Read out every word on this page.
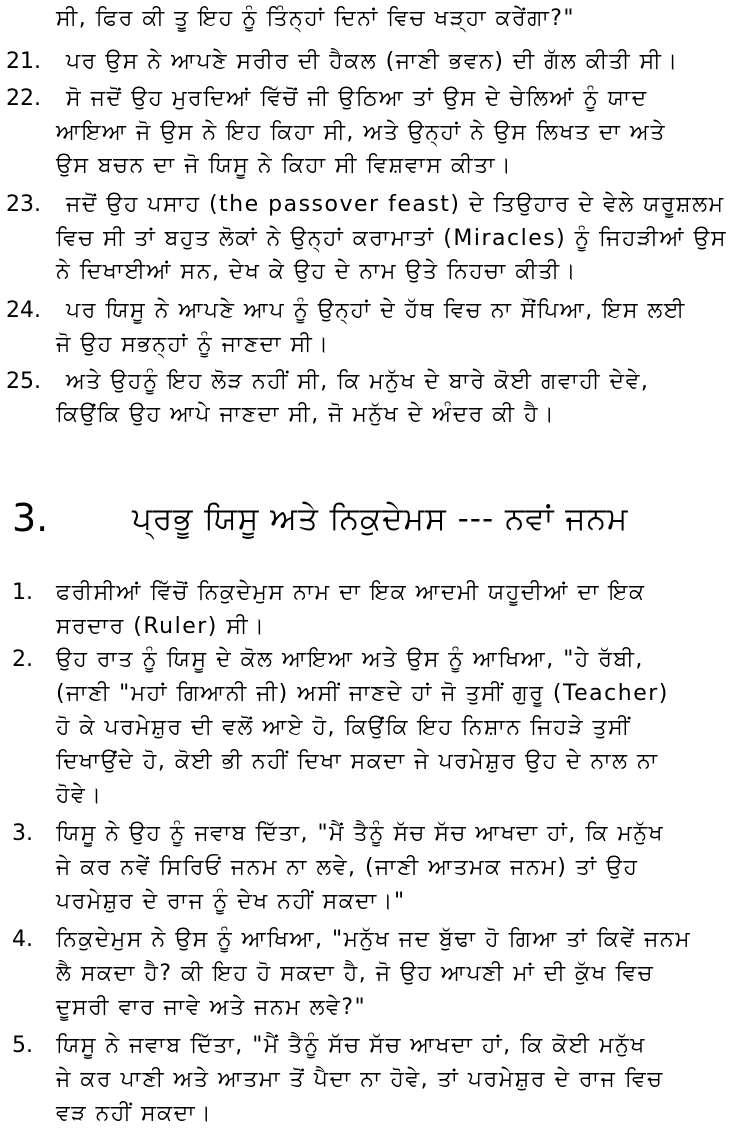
ਸੀ, ਫਿਰ ਕੀ ਤੂ ਇਹ ਨੂੰ ਤਿੰਨ੍ਹਾਂ ਦਿਨਾਂ ਵਿਚ ਖੜ੍ਹਾ ਕਰੇਂਗਾ?"
21. ਪਰ ਉਸ ਨੇ ਆਪਣੇ ਸਰੀਰ ਦੀ ਹੈਕਲ (ਜਾਣੀ ਭਵਨ) ਦੀ ਗੱਲ ਕੀਤੀ ਸੀ।
22. ਸੋ ਜਦੋਂ ਉਹ ਮੁਰਦਿਆਂ ਵਿੱਚੋਂ ਜੀ ਉਠਿਆ ਤਾਂ ਉਸ ਦੇ ਚੇਲਿਆਂ ਨੂੰ ਯਾਦ
ਆਇਆ ਜੋ ਉਸ ਨੇ ਇਹ ਕਿਹਾ ਸੀ, ਅਤੇ ਉਨ੍ਹਾਂ ਨੇ ਉਸ ਲਿਖਤ ਦਾ ਅਤੇ
ਉਸ ਬਚਨ ਦਾ ਜੋ ਯਿਸੂ ਨੇ ਕਿਹਾ ਸੀ ਵਿਸ਼ਵਾਸ ਕੀਤਾ।
23. ਜਦੋਂ ਉਹ ਪਸਾਹ (the passover feast) ਦੇ ਤਿਉਹਾਰ ਦੇ ਵੇਲੇ ਯਰੂਸ਼ਲਮ
ਵਿਚ ਸੀ ਤਾਂ ਬਹੁਤ ਲੋਕਾਂ ਨੇ ਉਨ੍ਹਾਂ ਕਰਾਮਾਤਾਂ (Miracles) ਨੂੰ ਜਿਹੜੀਆਂ ਉਸ
ਨੇ ਦਿਖਾਈਆਂ ਸਨ, ਦੇਖ ਕੇ ਉਹ ਦੇ ਨਾਮ ਉਤੇ ਨਿਹਚਾ ਕੀਤੀ।
24. ਪਰ ਯਿਸੂ ਨੇ ਆਪਣੇ ਆਪ ਨੂੰ ਉਨ੍ਹਾਂ ਦੇ ਹੱਥ ਵਿਚ ਨਾ ਸੌਂਪਿਆ, ਇਸ ਲਈ
ਜੋ ਉਹ ਸਭਨ੍ਹਾਂ ਨੂੰ ਜਾਣਦਾ ਸੀ।
25. ਅਤੇ ਉਹਨੂੰ ਇਹ ਲੋੜ ਨਹੀਂ ਸੀ, ਕਿ ਮਨੁੱਖ ਦੇ ਬਾਰੇ ਕੋਈ ਗਵਾਹੀ ਦੇਵੇ,
ਕਿਉਂਕਿ ਉਹ ਆਪੇ ਜਾਣਦਾ ਸੀ, ਜੋ ਮਨੁੱਖ ਦੇ ਅੰਦਰ ਕੀ ਹੈ।
3.	ਪ੍ਰਭੂ ਯਿਸੂ ਅਤੇ ਨਿਕੁਦੇਮਸ --- ਨਵਾਂ ਜਨਮ
1. ਫਰੀਸੀਆਂ ਵਿੱਚੋਂ ਨਿਕੁਦੇਮੁਸ ਨਾਮ ਦਾ ਇਕ ਆਦਮੀ ਯਹੂਦੀਆਂ ਦਾ ਇਕ
ਸਰਦਾਰ (Ruler) ਸੀ।
2. ਉਹ ਰਾਤ ਨੂੰ ਯਿਸੂ ਦੇ ਕੋਲ ਆਇਆ ਅਤੇ ਉਸ ਨੂੰ ਆਖਿਆ, "ਹੇ ਰੱਬੀ,
(ਜਾਣੀ "ਮਹਾਂ ਗਿਆਨੀ ਜੀ) ਅਸੀਂ ਜਾਣਦੇ ਹਾਂ ਜੋ ਤੁਸੀਂ ਗੁਰੂ (Teacher)
ਹੋ ਕੇ ਪਰਮੇਸ਼ੁਰ ਦੀ ਵਲੋਂ ਆਏ ਹੋ, ਕਿਉਂਕਿ ਇਹ ਨਿਸ਼ਾਨ ਜਿਹੜੇ ਤੁਸੀਂ
ਦਿਖਾਉਂਦੇ ਹੋ, ਕੋਈ ਭੀ ਨਹੀਂ ਦਿਖਾ ਸਕਦਾ ਜੇ ਪਰਮੇਸ਼ੁਰ ਉਹ ਦੇ ਨਾਲ ਨਾ
ਹੋਵੇ।
3. ਯਿਸੂ ਨੇ ਉਹ ਨੂੰ ਜਵਾਬ ਦਿੱਤਾ, "ਮੈਂ ਤੈਨੂੰ ਸੱਚ ਸੱਚ ਆਖਦਾ ਹਾਂ, ਕਿ ਮਨੁੱਖ
ਜੇ ਕਰ ਨਵੇਂ ਸਿਰਿਓਂ ਜਨਮ ਨਾ ਲਵੇ, (ਜਾਣੀ ਆਤਮਕ ਜਨਮ) ਤਾਂ ਉਹ
ਪਰਮੇਸ਼ੁਰ ਦੇ ਰਾਜ ਨੂੰ ਦੇਖ ਨਹੀਂ ਸਕਦਾ।"
4. ਨਿਕੁਦੇਮੁਸ ਨੇ ਉਸ ਨੂੰ ਆਖਿਆ, "ਮਨੁੱਖ ਜਦ ਬੁੱਢਾ ਹੋ ਗਿਆ ਤਾਂ ਕਿਵੇਂ ਜਨਮ
ਲੈ ਸਕਦਾ ਹੈ? ਕੀ ਇਹ ਹੋ ਸਕਦਾ ਹੈ, ਜੋ ਉਹ ਆਪਣੀ ਮਾਂ ਦੀ ਕੁੱਖ ਵਿਚ
ਦੂਸਰੀ ਵਾਰ ਜਾਵੇ ਅਤੇ ਜਨਮ ਲਵੇ?"
5. ਯਿਸੂ ਨੇ ਜਵਾਬ ਦਿੱਤਾ, "ਮੈਂ ਤੈਨੂੰ ਸੱਚ ਸੱਚ ਆਖਦਾ ਹਾਂ, ਕਿ ਕੋਈ ਮਨੁੱਖ
ਜੇ ਕਰ ਪਾਣੀ ਅਤੇ ਆਤਮਾ ਤੋਂ ਪੈਦਾ ਨਾ ਹੋਵੇ, ਤਾਂ ਪਰਮੇਸ਼ੁਰ ਦੇ ਰਾਜ ਵਿਚ
ਵੜ ਨਹੀਂ ਸਕਦਾ।
